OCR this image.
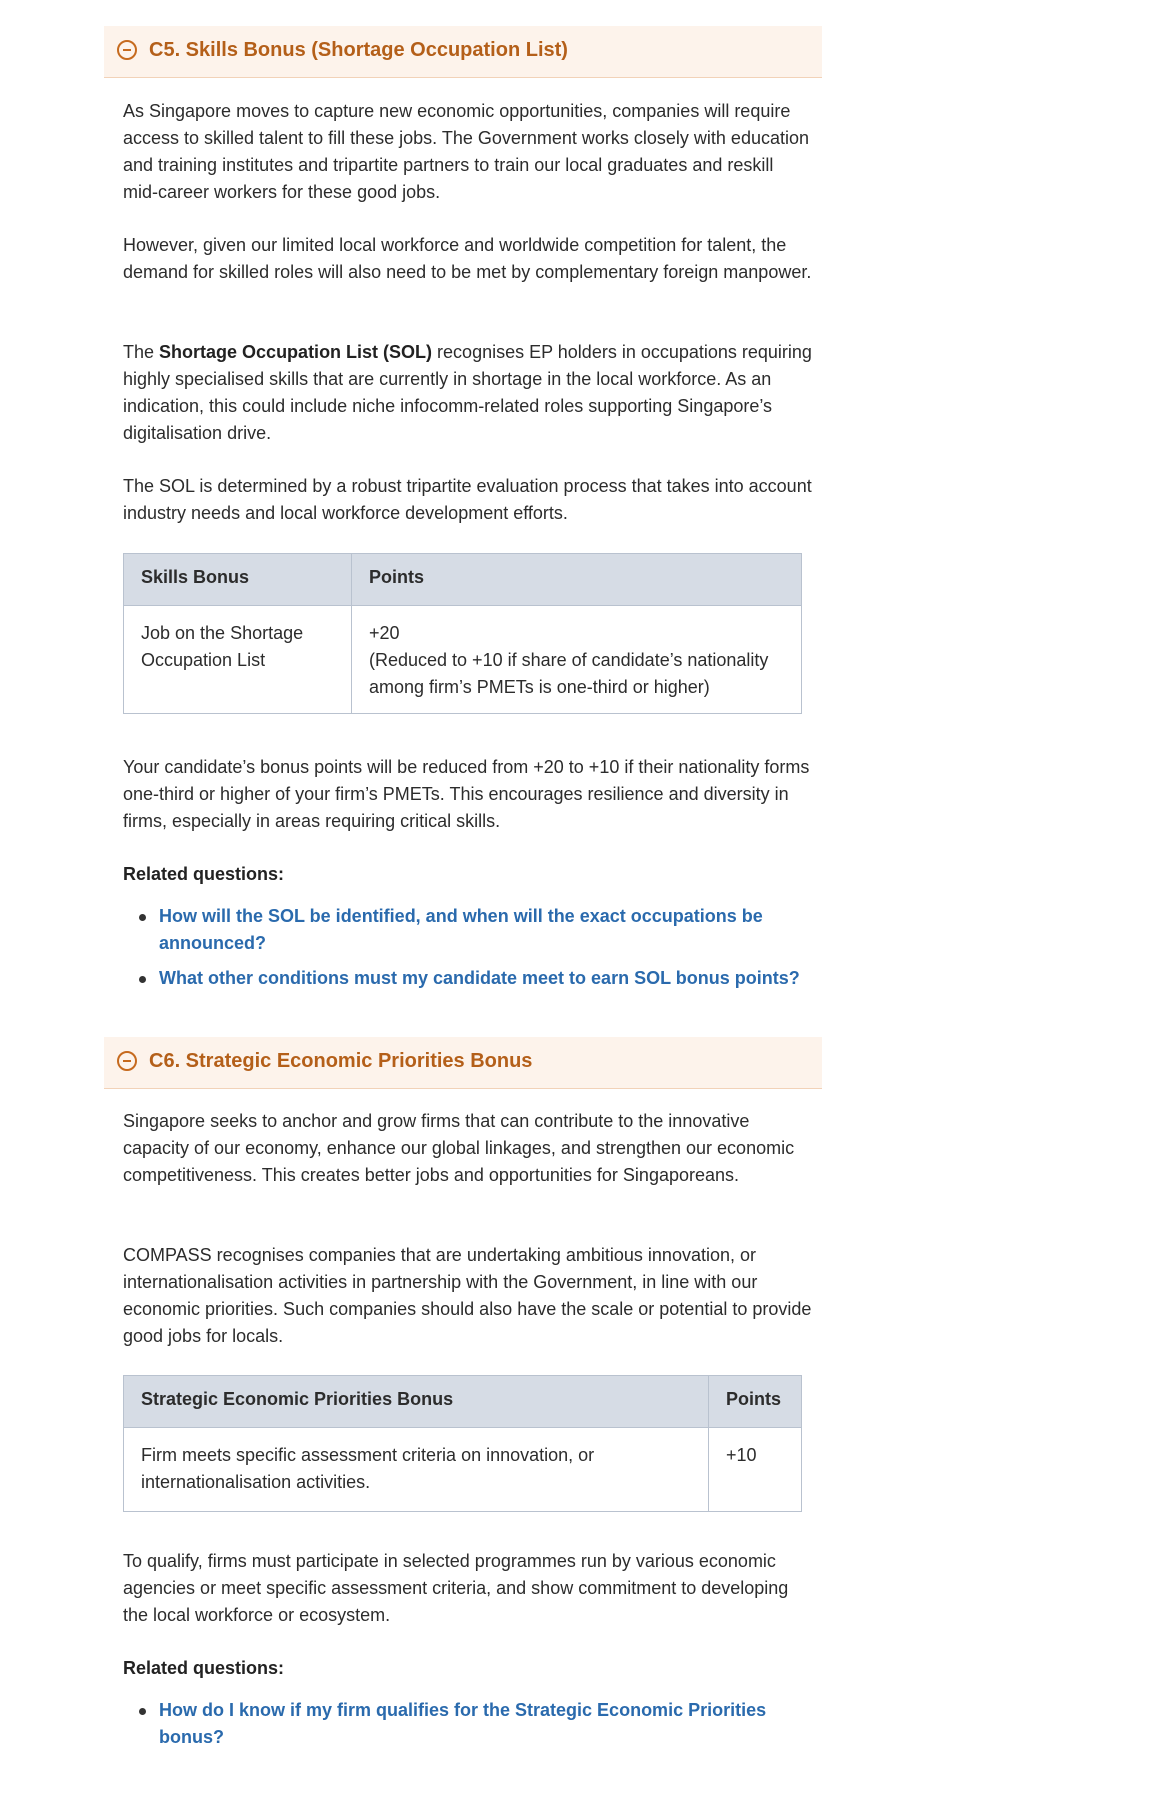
C5. Skills Bonus (Shortage Occupation List)

As Singapore moves to capture new economic opportunities, companies will require access to skilled talent to fill these jobs. The Government works closely with education and training institutes and tripartite partners to train our local graduates and reskill mid-career workers for these good jobs.

However, given our limited local workforce and worldwide competition for talent, the demand for skilled roles will also need to be met by complementary foreign manpower.

The Shortage Occupation List (SOL) recognises EP holders in occupations requiring highly specialised skills that are currently in shortage in the local workforce. As an indication, this could include niche infocomm-related roles supporting Singapore’s digitalisation drive.

The SOL is determined by a robust tripartite evaluation process that takes into account industry needs and local workforce development efforts.

Skills Bonus	Points
Job on the Shortage Occupation List	+20
(Reduced to +10 if share of candidate’s nationality among firm’s PMETs is one-third or higher)

Your candidate’s bonus points will be reduced from +20 to +10 if their nationality forms one-third or higher of your firm’s PMETs. This encourages resilience and diversity in firms, especially in areas requiring critical skills.

Related questions:

How will the SOL be identified, and when will the exact occupations be announced?
What other conditions must my candidate meet to earn SOL bonus points?
C6. Strategic Economic Priorities Bonus

Singapore seeks to anchor and grow firms that can contribute to the innovative capacity of our economy, enhance our global linkages, and strengthen our economic competitiveness. This creates better jobs and opportunities for Singaporeans.

COMPASS recognises companies that are undertaking ambitious innovation, or internationalisation activities in partnership with the Government, in line with our economic priorities. Such companies should also have the scale or potential to provide good jobs for locals.

Strategic Economic Priorities Bonus	Points
Firm meets specific assessment criteria on innovation, or internationalisation activities.	+10

To qualify, firms must participate in selected programmes run by various economic agencies or meet specific assessment criteria, and show commitment to developing the local workforce or ecosystem.

Related questions:

How do I know if my firm qualifies for the Strategic Economic Priorities bonus?
